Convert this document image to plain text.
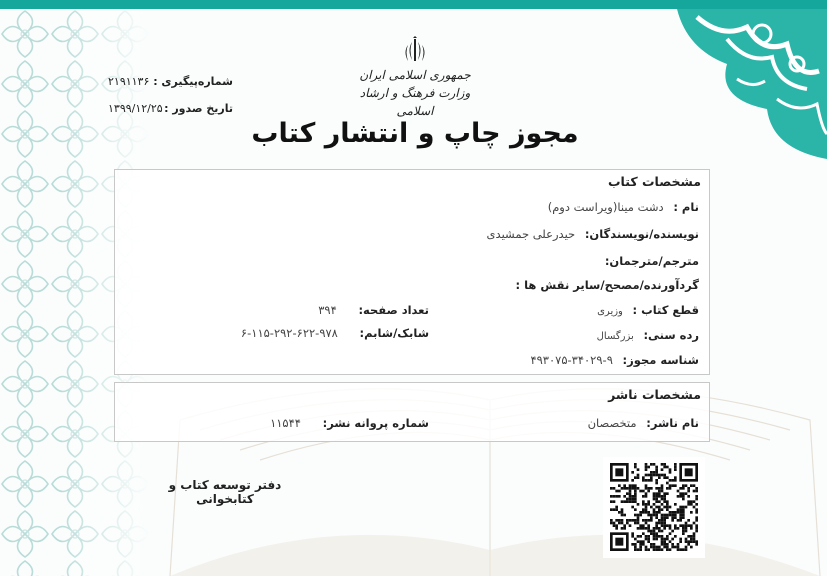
جمهوری اسلامی ایران
وزارت فرهنگ و ارشاد اسلامی
شماره‌پیگیری :
۲۱۹۱۱۳۶
تاریخ صدور :
۱۳۹۹/۱۲/۲۵
مجوز چاپ و انتشار کتاب
مشخصات کتاب
نام : دشت مینا(ویراست دوم)
نویسنده/نویسندگان: حیدرعلی جمشیدی
مترجم/مترجمان:
گردآورنده/مصحح/سایر نقش ها :
قطع کتاب : وزیری
تعداد صفحه: ۳۹۴
رده سنی: بزرگسال
شابک/شابم: ۹۷۸-۶۲۲-۲۹۲-۱۱۵-۶
شناسه مجوز: ۹-۳۴۰۲۹-۴۹۳۰۷۵
مشخصات ناشر
نام ناشر: متخصصان
شماره پروانه نشر: ۱۱۵۴۴
دفتر توسعه کتاب و کتابخوانی
